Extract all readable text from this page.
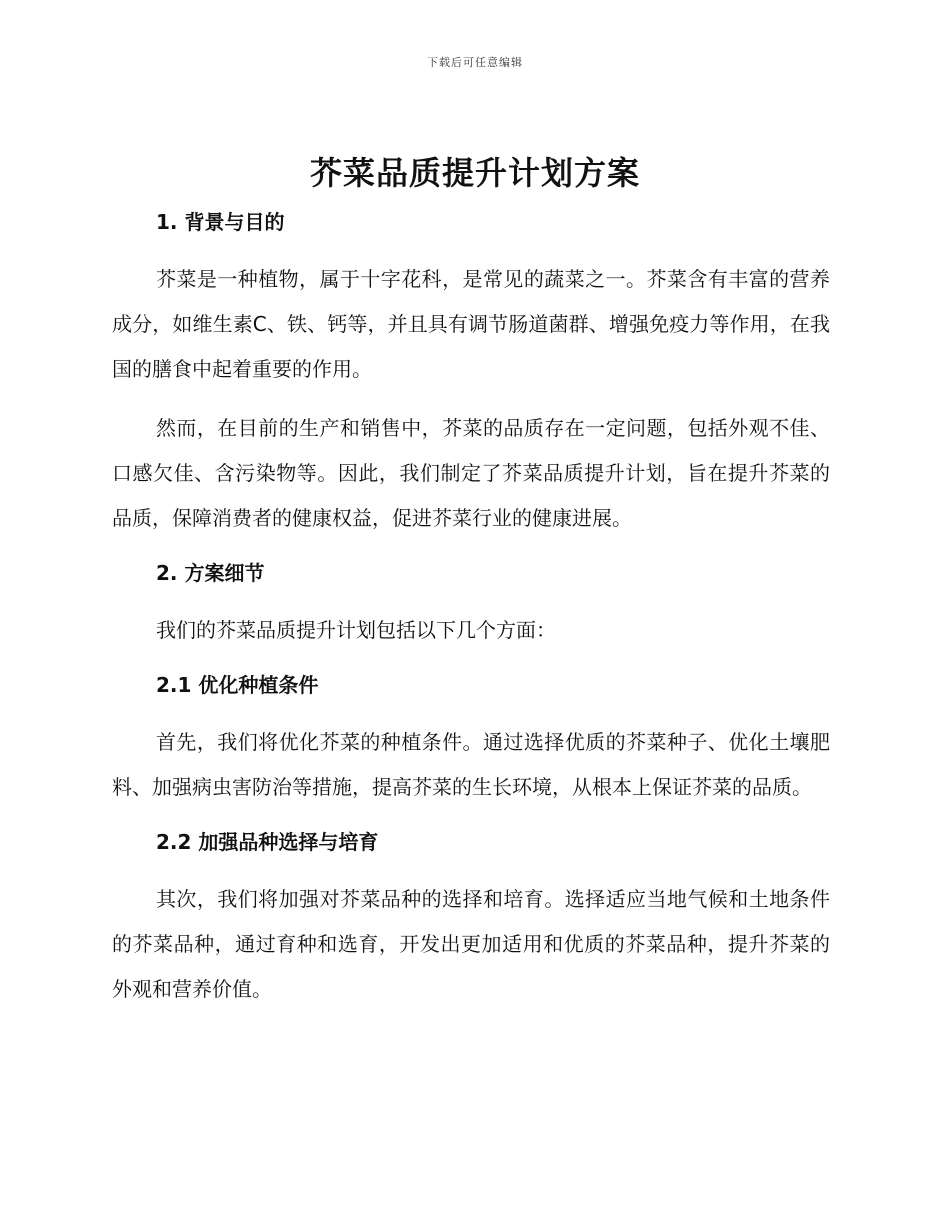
下载后可任意编辑
芥菜品质提升计划方案
1. 背景与目的

芥菜是一种植物，属于十字花科，是常见的蔬菜之一。芥菜含有丰富的营养成分，如维生素C、铁、钙等，并且具有调节肠道菌群、增强免疫力等作用，在我国的膳食中起着重要的作用。

然而，在目前的生产和销售中，芥菜的品质存在一定问题，包括外观不佳、口感欠佳、含污染物等。因此，我们制定了芥菜品质提升计划，旨在提升芥菜的品质，保障消费者的健康权益，促进芥菜行业的健康进展。

2. 方案细节

我们的芥菜品质提升计划包括以下几个方面：

2.1 优化种植条件

首先，我们将优化芥菜的种植条件。通过选择优质的芥菜种子、优化土壤肥料、加强病虫害防治等措施，提高芥菜的生长环境，从根本上保证芥菜的品质。

2.2 加强品种选择与培育

其次，我们将加强对芥菜品种的选择和培育。选择适应当地气候和土地条件的芥菜品种，通过育种和选育，开发出更加适用和优质的芥菜品种，提升芥菜的外观和营养价值。
